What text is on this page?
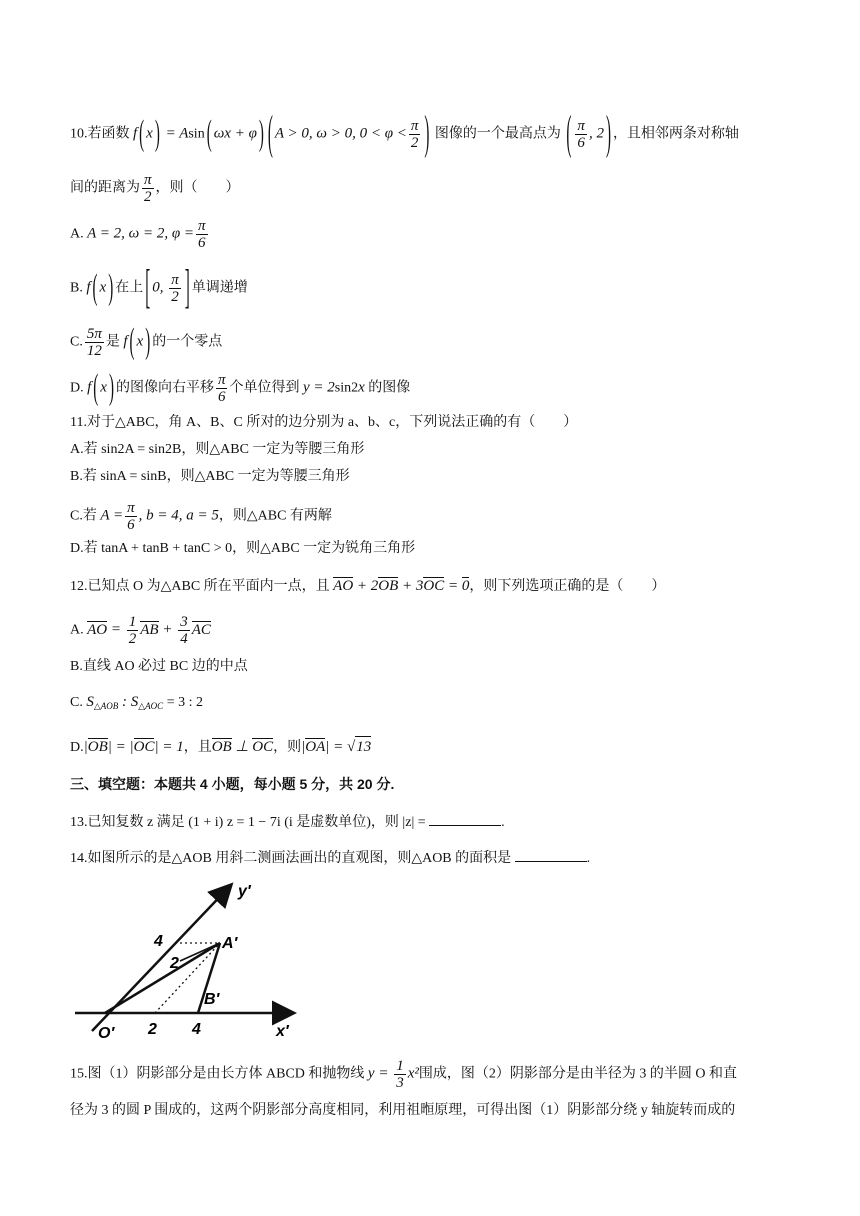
10.若函数 f ( x ) = Asin ( ωx + φ ) ( A > 0, ω > 0, $0 < \varphi < \frac{\pi}{2}$ ) 图像的一个最高点为 ( $\frac{\pi}{6}$ , 2 ) ，且相邻两条对称轴
间的距离为 $\frac{\pi}{2}$ ，则（　　）
A. A = 2, ω = 2, $\varphi = \frac{\pi}{6}$
B. f ( x ) 在上 [ 0, $\frac{\pi}{2}$ ] 单调递增
C. $\frac{5\pi}{12}$ 是 f ( x ) 的一个零点
D. f ( x ) 的图像向右平移 $\frac{\pi}{6}$ 个单位得到 y = 2sin2x 的图像
11.对于△ABC，角 A、B、C 所对的边分别为 a、b、c，下列说法正确的有（　　）
A.若 sin2A = sin2B，则△ABC 一定为等腰三角形
B.若 sinA = sinB，则△ABC 一定为等腰三角形
C.若 $A = \frac{\pi}{6}$ , b = 4, a = 5，则△ABC 有两解
D.若 tanA + tanB + tanC > 0，则△ABC 一定为锐角三角形
12.已知点 O 为△ABC 所在平面内一点，且 AO + 2OB + 3OC = 0，则下列选项正确的是（　　）
A. AO = $\frac{1}{2}$ AB + $\frac{3}{4}$ AC
B.直线 AO 必过 BC 边的中点
C. $S_{\triangle AOB}$ : $S_{\triangle AOC} = 3$ : 2
D.|OB| = |OC| = 1，且OB ⊥ OC，则|OA| = √13
三、填空题：本题共 4 小题，每小题 5 分，共 20 分.
13.已知复数 z 满足 (1 + i) z = 1 − 7i (i 是虚数单位)，则 |z| =	.
14.如图所示的是△AOB 用斜二测画法画出的直观图，则△AOB 的面积是	.
y′
x′
O′
A′
B′
4
2
2 4
15.图（1）阴影部分是由长方体 ABCD 和抛物线 $y = \frac{1}{3} x^2$围成，图（2）阴影部分是由半径为 3 的半圆 O 和直
径为 3 的圆 P 围成的，这两个阴影部分高度相同，利用祖暅原理，可得出图（1）阴影部分绕 y 轴旋转而成的
